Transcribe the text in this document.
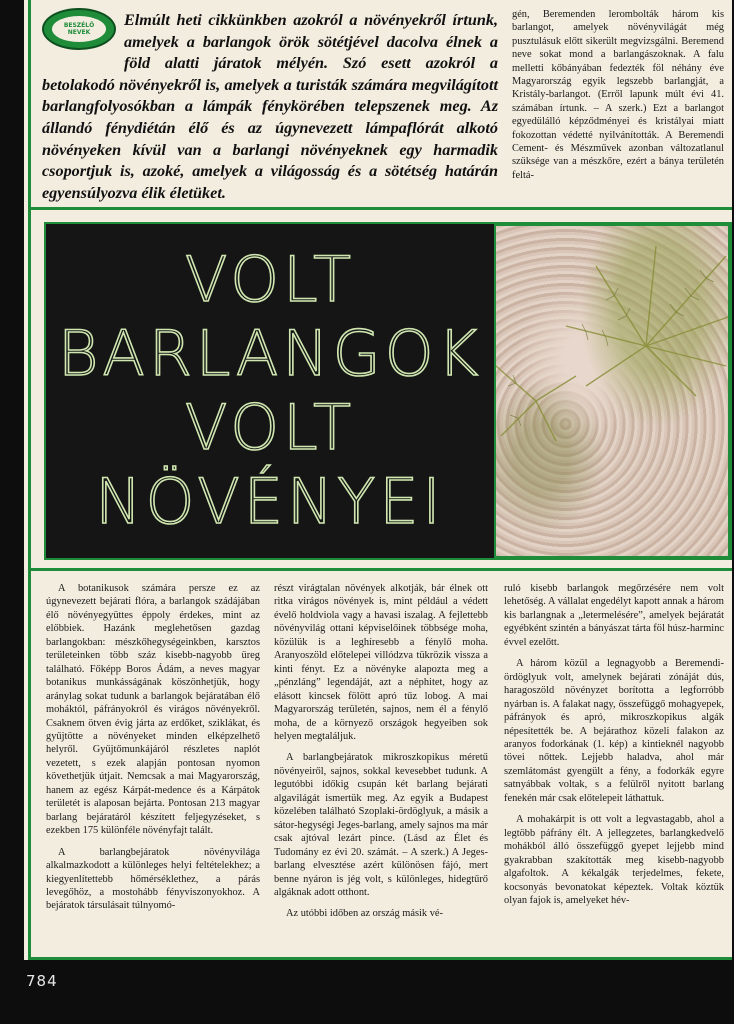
Elmúlt heti cikkünkben azokról a növényekről írtunk, amelyek a barlangok örök sötétjével dacolva élnek a föld alatti járatok mélyén. Szó esett azokról a betolakodó növényekről is, amelyek a turisták számára megvilágított barlangfolyosókban a lámpák fénykörében telepszenek meg. Az állandó fénydiétán élő és az úgynevezett lámpaflórát alkotó növényeken kívül van a barlangi növényeknek egy harmadik csoportjuk is, azoké, amelyek a világosság és a sötétség határán egyensúlyozva élik életüket.
BESZÉLŐ NEVEK
gén, Beremenden lerombolták három kis barlangot, amelyek növényvilágát még pusztulásuk előtt sikerült megvizsgálni. Beremend neve sokat mond a barlangászoknak. A falu melletti kőbányában fedezték föl néhány éve Magyarország egyik legszebb barlangját, a Kristály-barlangot. (Erről lapunk múlt évi 41. számában írtunk. – A szerk.) Ezt a barlangot egyedülálló képződményei és kristályai miatt fokozottan védetté nyilvánították. A Beremendi Cement- és Mészművek azonban változatlanul szüksége van a mészkőre, ezért a bánya területén feltá-
VOLT
BARLANGOK
VOLT
NÖVÉNYEI

A botanikusok számára persze ez az úgynevezett bejárati flóra, a barlangok szádájában élő növényegyüttes éppoly érdekes, mint az előbbiek. Hazánk meglehetősen gazdag barlangokban: mészkőhegységeinkben, karsztos területeinken több száz kisebb-nagyobb üreg található. Főképp Boros Ádám, a neves magyar botanikus munkásságának köszönhetjük, hogy aránylag sokat tudunk a barlangok bejáratában élő moháktól, páfrányokról és virágos növényekről. Csaknem ötven évig járta az erdőket, sziklákat, és gyűjtötte a növényeket minden elképzelhető helyről. Gyűjtőmunkájáról részletes naplót vezetett, s ezek alapján pontosan nyomon követhetjük útjait. Nemcsak a mai Magyarország, hanem az egész Kárpát-medence és a Kárpátok területét is alaposan bejárta. Pontosan 213 magyar barlang bejáratáról készített feljegyzéseket, s ezekben 175 különféle növényfajt talált.

A barlangbejáratok növényvilága alkalmazkodott a különleges helyi feltételekhez; a kiegyenlítettebb hőmérséklethez, a párás levegőhöz, a mostohább fényviszonyokhoz. A bejáratok társulásait túlnyomó-

részt virágtalan növények alkotják, bár élnek ott ritka virágos növények is, mint például a védett évelő holdviola vagy a havasi iszalag. A fejlettebb növényvilág ottani képviselőinek többsége moha, közülük is a leghíresebb a fénylő moha. Aranyoszöld előtelepei villódzva tükrözik vissza a kinti fényt. Ez a növényke alapozta meg a „pénzláng” legendáját, azt a néphitet, hogy az elásott kincsek fölött apró tűz lobog. A mai Magyarország területén, sajnos, nem él a fénylő moha, de a környező országok hegyeiben sok helyen megtaláljuk.

A barlangbejáratok mikroszkopikus méretű növényeiről, sajnos, sokkal kevesebbet tudunk. A legutóbbi időkig csupán két barlang bejárati algavilágát ismertük meg. Az egyik a Budapest közelében található Szoplaki-ördöglyuk, a másik a sátor-hegységi Jeges-barlang, amely sajnos ma már csak ajtóval lezárt pince. (Lásd az Élet és Tudomány ez évi 20. számát. – A szerk.) A Jeges-barlang elvesztése azért különösen fájó, mert benne nyáron is jég volt, s különleges, hidegtűrő algáknak adott otthont.

Az utóbbi időben az ország másik vé-

ruló kisebb barlangok megőrzésére nem volt lehetőség. A vállalat engedélyt kapott annak a három kis barlangnak a „letermelésére”, amelyek bejáratát egyébként szintén a bányászat tárta föl húsz-harminc évvel ezelőtt.

A három közül a legnagyobb a Beremendi-ördöglyuk volt, amelynek bejárati zónáját dús, haragoszöld növényzet borította a legforróbb nyárban is. A falakat nagy, összefüggő mohagyepek, páfrányok és apró, mikroszkopikus algák népesítették be. A bejárathoz közeli falakon az aranyos fodorkának (1. kép) a kintieknél nagyobb tövei nőttek. Lejjebb haladva, ahol már szemlátomást gyengült a fény, a fodorkák egyre satnyábbak voltak, s a felülről nyitott barlang fenekén már csak előtelepeit láthattuk.

A mohakárpit is ott volt a legvastagabb, ahol a legtöbb páfrány élt. A jellegzetes, barlangkedvelő mohákból álló összefüggő gyepet lejjebb mind gyakrabban szakították meg kisebb-nagyobb algafoltok. A kékalgák terjedelmes, fekete, kocsonyás bevonatokat képeztek. Voltak köztük olyan fajok is, amelyeket hév-

784
